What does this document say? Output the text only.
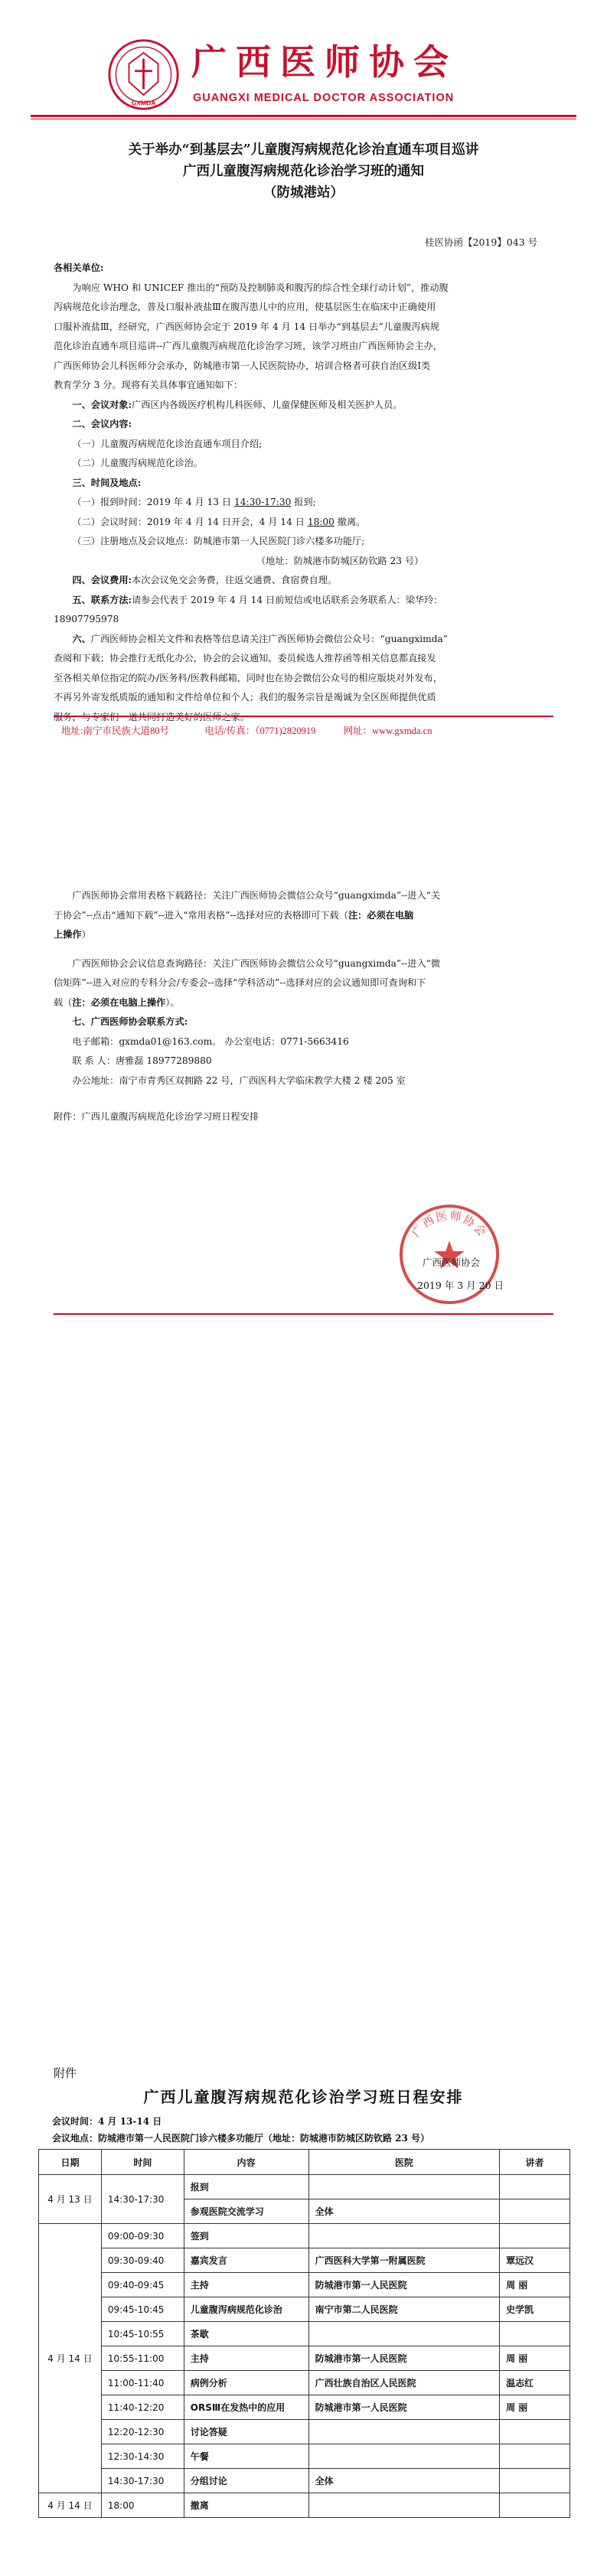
GXMDA
广西医师协会
GUANGXI MEDICAL DOCTOR ASSOCIATION
关于举办“到基层去”儿童腹泻病规范化诊治直通车项目巡讲
广西儿童腹泻病规范化诊治学习班的通知
（防城港站）
桂医协函【2019】043 号

各相关单位:

为响应 WHO 和 UNICEF 推出的“预防及控制肺炎和腹泻的综合性全球行动计划”，推动腹

泻病规范化诊治理念，普及口服补液盐Ⅲ在腹泻患儿中的应用，使基层医生在临床中正确使用

口服补液盐Ⅲ，经研究，广西医师协会定于 2019 年 4 月 14 日举办“到基层去”儿童腹泻病规

范化诊治直通车项目巡讲--广西儿童腹泻病规范化诊治学习班，该学习班由广西医师协会主办，

广西医师协会儿科医师分会承办，防城港市第一人民医院协办，培训合格者可获自治区级Ⅰ类

教育学分 3 分。现将有关具体事宜通知如下：

一、会议对象:广西区内各级医疗机构儿科医师、儿童保健医师及相关医护人员。

二、会议内容:

（一）儿童腹泻病规范化诊治直通车项目介绍;

（二）儿童腹泻病规范化诊治。

三、时间及地点:

（一）报到时间：2019 年 4 月 13 日 14:30-17:30 报到;

（二）会议时间：2019 年 4 月 14 日开会，4 月 14 日 18:00 撤离。

（三）注册地点及会议地点：防城港市第一人民医院门诊六楼多功能厅;

（地址：防城港市防城区防钦路 23 号）

四、会议费用:本次会议免交会务费，往返交通费、食宿费自理。

五、联系方法:请参会代表于 2019 年 4 月 14 日前短信或电话联系会务联系人：梁华玲：

18907795978

六、广西医师协会相关文件和表格等信息请关注广西医师协会微信公众号：“guangximda”

查阅和下载；协会推行无纸化办公，协会的会议通知、委员候选人推荐函等相关信息都直接发

至各相关单位指定的院办/医务科/医教科邮箱，同时也在协会微信公众号的相应版块对外发布，

不再另外寄发纸质版的通知和文件给单位和个人；我们的服务宗旨是竭诚为全区医师提供优质

地址:南宁市民族大道80号	电话/传真：（0771)2820919	网址：www.gxmda.cn

广西医师协会常用表格下载路径：关注广西医师协会微信公众号“guangximda”--进入“关

于协会”--点击“通知下载”--进入“常用表格”--选择对应的表格即可下载（注：必须在电脑

上操作）

广西医师协会会议信息查询路径：关注广西医师协会微信公众号“guangximda”--进入“微

信矩阵”--进入对应的专科分会/专委会--选择“学科活动”--选择对应的会议通知即可查询和下

载（注：必须在电脑上操作）。

七、广西医师协会联系方式:

电子邮箱：gxmda01@163.com。 办公室电话：0771-5663416

联 系 人：唐雅磊 18977289880

办公地址：南宁市青秀区双拥路 22 号，广西医科大学临床教学大楼 2 楼 205 室

附件：广西儿童腹泻病规范化诊治学习班日程安排

广西医师协会
广西医师协会
2019 年 3 月 20 日
附件
广西儿童腹泻病规范化诊治学习班日程安排
会议时间：4 月 13-14 日
会议地点：防城港市第一人民医院门诊六楼多功能厅（地址：防城港市防城区防钦路 23 号）
日期	时间	内容	医院	讲者
4 月 13 日	14:30-17:30	报到		
		参观医院交流学习	全体	
4 月 14 日	09:00-09:30	签到		
	09:30-09:40	嘉宾发言	广西医科大学第一附属医院	覃远汉
	09:40-09:45	主持	防城港市第一人民医院	周 丽
	09:45-10:45	儿童腹泻病规范化诊治	南宁市第二人民医院	史学凯
	10:45-10:55	茶歇		
	10:55-11:00	主持	防城港市第一人民医院	周 丽
	11:00-11:40	病例分析	广西壮族自治区人民医院	温志红
	11:40-12:20	ORSⅢ在发热中的应用	防城港市第一人民医院	周 丽
	12:20-12:30	讨论答疑		
	12:30-14:30	午餐		
	14:30-17:30	分组讨论	全体	
4 月 14 日	18:00	撤离		
